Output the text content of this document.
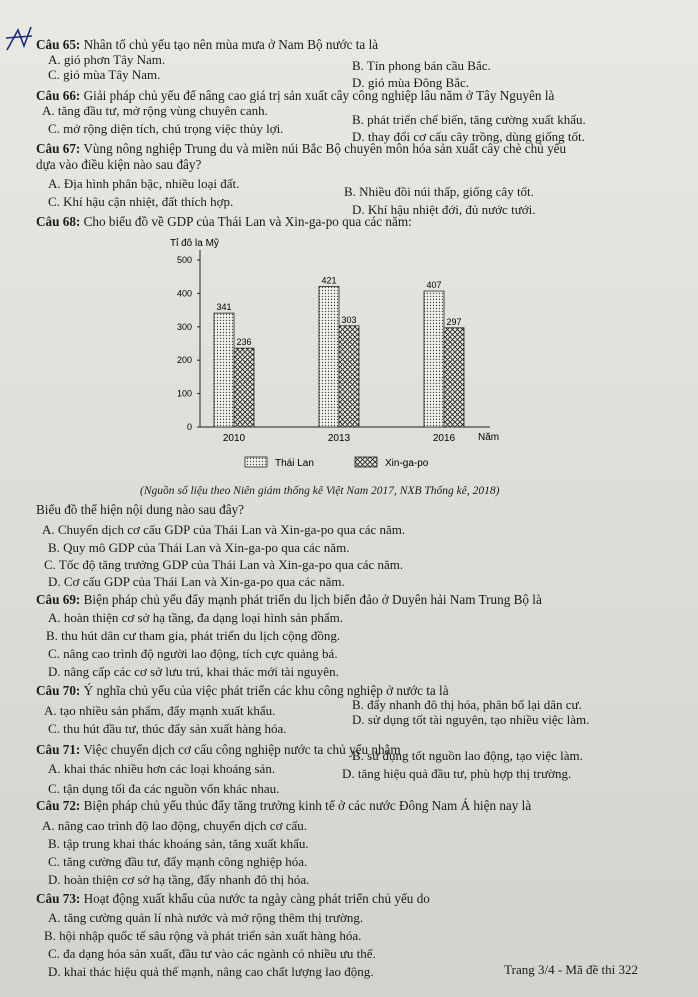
Câu 65: Nhân tố chủ yếu tạo nên mùa mưa ở Nam Bộ nước ta là
A. gió phơn Tây Nam.	B. Tín phong bán cầu Bắc.
C. gió mùa Tây Nam.
D. gió mùa Đông Bắc.
Câu 66: Giải pháp chủ yếu để nâng cao giá trị sản xuất cây công nghiệp lâu năm ở Tây Nguyên là
A. tăng đầu tư, mở rộng vùng chuyên canh.
B. phát triển chế biến, tăng cường xuất khẩu.
C. mở rộng diện tích, chú trọng việc thủy lợi.
D. thay đổi cơ cấu cây trồng, dùng giống tốt.
Câu 67: Vùng nông nghiệp Trung du và miền núi Bắc Bộ chuyên môn hóa sản xuất cây chè chủ yếu
dựa vào điều kiện nào sau đây?
A. Địa hình phân bậc, nhiều loại đất.
B. Nhiều đồi núi thấp, giống cây tốt.
C. Khí hậu cận nhiệt, đất thích hợp.
D. Khí hậu nhiệt đới, đủ nước tưới.
Câu 68: Cho biểu đồ về GDP của Thái Lan và Xin-ga-po qua các năm:
Tỉ đô la Mỹ
Năm
0
100
200
300
400
500
341
236
2010
421
303
2013
407
297
2016
Thái Lan	Xin-ga-po
(Nguồn số liệu theo Niên giám thống kê Việt Nam 2017, NXB Thống kê, 2018)
Biểu đồ thể hiện nội dung nào sau đây?
A. Chuyển dịch cơ cấu GDP của Thái Lan và Xin-ga-po qua các năm.
B. Quy mô GDP của Thái Lan và Xin-ga-po qua các năm.
C. Tốc độ tăng trưởng GDP của Thái Lan và Xin-ga-po qua các năm.
D. Cơ cấu GDP của Thái Lan và Xin-ga-po qua các năm.
Câu 69: Biện pháp chủ yếu đẩy mạnh phát triển du lịch biển đảo ở Duyên hải Nam Trung Bộ là
A. hoàn thiện cơ sở hạ tầng, đa dạng loại hình sản phẩm.
B. thu hút dân cư tham gia, phát triển du lịch cộng đồng.
C. nâng cao trình độ người lao động, tích cực quảng bá.
D. nâng cấp các cơ sở lưu trú, khai thác mới tài nguyên.
Câu 70: Ý nghĩa chủ yếu của việc phát triển các khu công nghiệp ở nước ta là
A. tạo nhiều sản phẩm, đẩy mạnh xuất khẩu.	B. đẩy nhanh đô thị hóa, phân bố lại dân cư.
C. thu hút đầu tư, thúc đẩy sản xuất hàng hóa.
D. sử dụng tốt tài nguyên, tạo nhiều việc làm.
Câu 71: Việc chuyển dịch cơ cấu công nghiệp nước ta chủ yếu nhằm
A. khai thác nhiều hơn các loại khoáng sản.
B. sử dụng tốt nguồn lao động, tạo việc làm.
C. tận dụng tối đa các nguồn vốn khác nhau.
D. tăng hiệu quả đầu tư, phù hợp thị trường.
Câu 72: Biện pháp chủ yếu thúc đẩy tăng trưởng kinh tế ở các nước Đông Nam Á hiện nay là
A. nâng cao trình độ lao động, chuyển dịch cơ cấu.
B. tập trung khai thác khoáng sản, tăng xuất khẩu.
C. tăng cường đầu tư, đẩy mạnh công nghiệp hóa.
D. hoàn thiện cơ sở hạ tầng, đẩy nhanh đô thị hóa.
Câu 73: Hoạt động xuất khẩu của nước ta ngày càng phát triển chủ yếu do
A. tăng cường quản lí nhà nước và mở rộng thêm thị trường.
B. hội nhập quốc tế sâu rộng và phát triển sản xuất hàng hóa.
C. đa dạng hóa sản xuất, đầu tư vào các ngành có nhiều ưu thế.
D. khai thác hiệu quả thế mạnh, nâng cao chất lượng lao động.	Trang 3/4 - Mã đề thi 322
